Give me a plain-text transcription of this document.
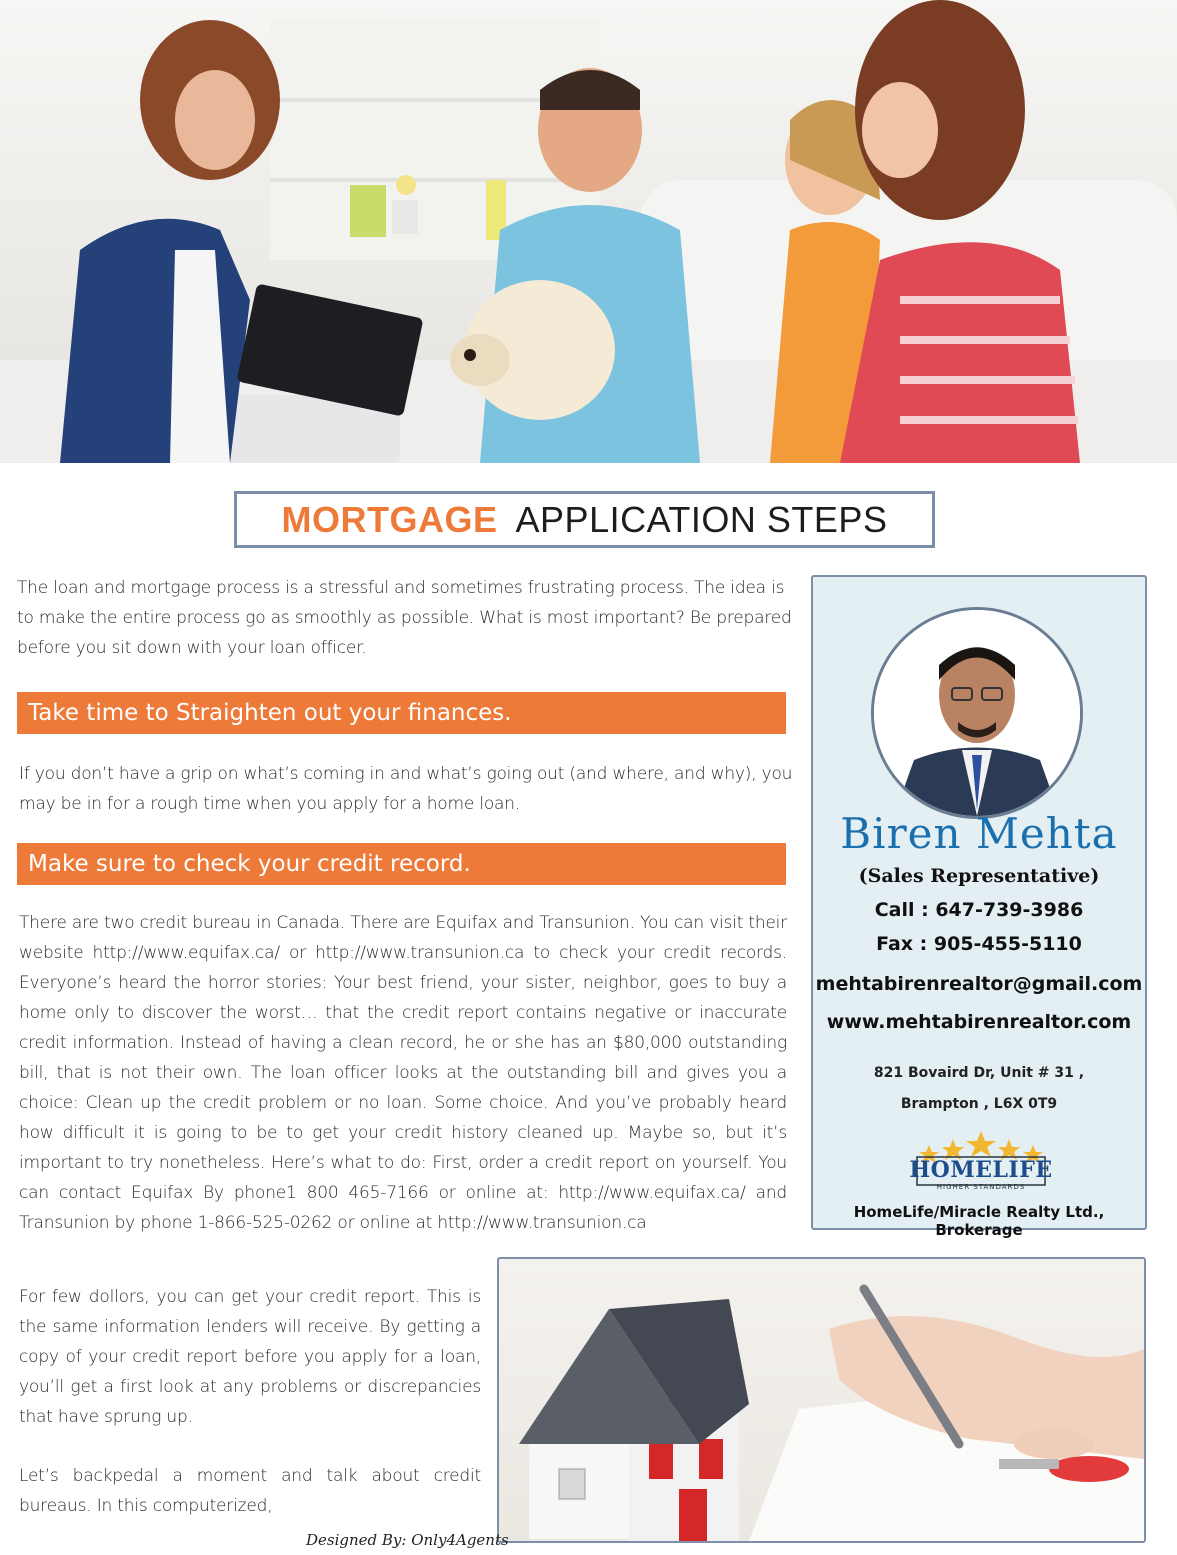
MORTGAGE APPLICATION STEPS
The loan and mortgage process is a stressful and sometimes frustrating process. The idea is to make the entire process go as smoothly as possible. What is most important? Be prepared before you sit down with your loan officer.
Take time to Straighten out your finances.
If you don’t have a grip on what’s coming in and what’s going out (and where, and why), you may be in for a rough time when you apply for a home loan.
Make sure to check your credit record.
There are two credit bureau in Canada. There are Equifax and Transunion. You can visit their website http://www.equifax.ca/ or http://www.transunion.ca to check your credit records. Everyone’s heard the horror stories: Your best friend, your sister, neighbor, goes to buy a home only to discover the worst… that the credit report contains negative or inaccurate credit information. Instead of having a clean record, he or she has an $80,000 outstanding bill, that is not their own. The loan officer looks at the outstanding bill and gives you a choice: Clean up the credit problem or no loan. Some choice. And you’ve probably heard how difficult it is going to be to get your credit history cleaned up. Maybe so, but it’s important to try nonetheless. Here’s what to do: First, order a credit report on yourself. You can contact Equifax By phone1 800 465-7166 or online at: http://www.equifax.ca/ and Transunion by phone 1-866-525-0262 or online at http://www.transunion.ca
For few dollors, you can get your credit report. This is the same information lenders will receive. By getting a copy of your credit report before you apply for a loan, you’ll get a first look at any problems or discrepancies that have sprung up.
Let’s backpedal a moment and talk about credit bureaus. In this computerized,
Biren Mehta
(Sales Representative)
Call : 647-739-3986
Fax : 905-455-5110
mehtabirenrealtor@gmail.com
www.mehtabirenrealtor.com
821 Bovaird Dr, Unit # 31 ,
Brampton , L6X 0T9
HOMELIFE
HIGHER STANDARDS
HomeLife/Miracle Realty Ltd., Brokerage
Designed By: Only4Agents
